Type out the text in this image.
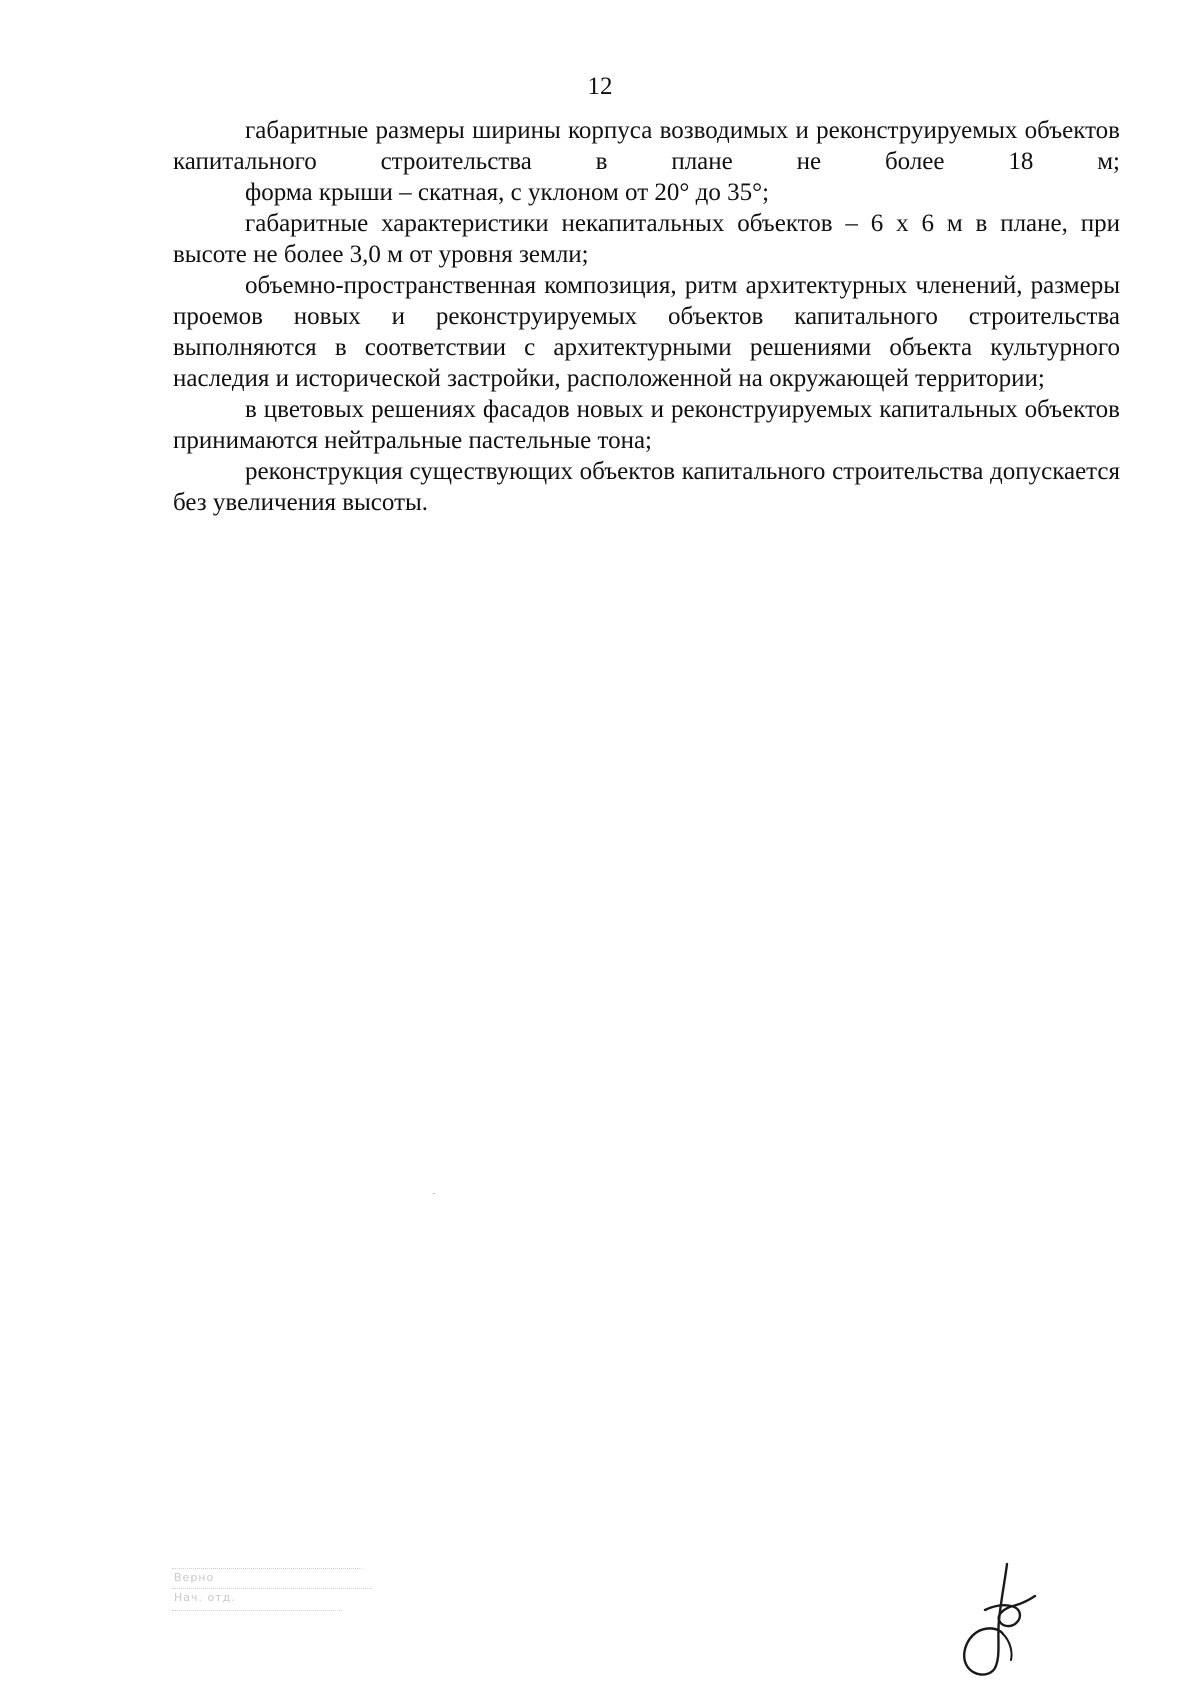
12

габаритные размеры ширины корпуса возводимых и реконструируемых объектов капитального строительства в плане не более 18 м;

форма крыши – скатная, с уклоном от 20° до 35°;

габаритные характеристики некапитальных объектов – 6 х 6 м в плане, при высоте не более 3,0 м от уровня земли;

объемно-пространственная композиция, ритм архитектурных членений, размеры проемов новых и реконструируемых объектов капитального строительства выполняются в соответствии с архитектурными решениями объекта культурного наследия и исторической застройки, расположенной на окружающей территории;

в цветовых решениях фасадов новых и реконструируемых капитальных объектов принимаются нейтральные пастельные тона;

реконструкция существующих объектов капитального строительства допускается без увеличения высоты.

Верно
Нач. отд.
